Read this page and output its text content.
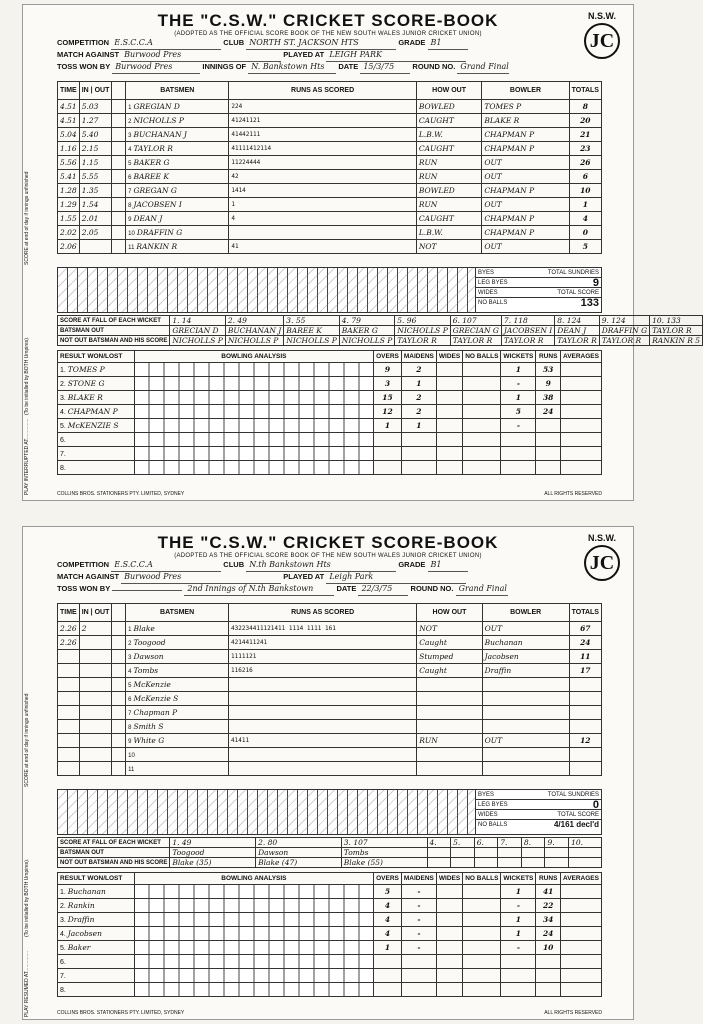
THE "C.S.W." CRICKET SCORE-BOOK
(ADOPTED AS THE OFFICIAL SCORE BOOK OF THE NEW SOUTH WALES JUNIOR CRICKET UNION)
N.S.W.
JC
SCORE at end of day if innings unfinished
(To be initialled by BOTH Umpires).
PLAY INTERRUPTED AT...............
COMPETITION E.S.C.C.A	CLUB NORTH ST. JACKSON HTS	GRADE B1
MATCH AGAINST Burwood Pres	PLAYED AT LEIGH PARK
TOSS WON BY Burwood Pres	INNINGS OF N. Bankstown Hts DATE 15/3/75 ROUND NO. Grand Final
TIME	IN | OUT		BATSMEN	RUNS AS SCORED	HOW OUT	BOWLER	TOTALS
4.51	5.03		1 GREGIAN D	224	BOWLED	TOMES P	8
4.51	1.27		2 NICHOLLS P	41241121	CAUGHT	BLAKE R	20
5.04	5.40		3 BUCHANAN J	41442111	L.B.W.	CHAPMAN P	21
1.16	2.15		4 TAYLOR R	41111412114	CAUGHT	CHAPMAN P	23
5.56	1.15		5 BAKER G	11224444	RUN	OUT	26
5.41	5.55		6 BAREE K	42	RUN	OUT	6
1.28	1.35		7 GREGAN G	1414	BOWLED	CHAPMAN P	10
1.29	1.54		8 JACOBSEN I	1	RUN	OUT	1
1.55	2.01		9 DEAN J	4	CAUGHT	CHAPMAN P	4
2.02	2.05		10 DRAFFIN G		L.B.W.	CHAPMAN P	0
2.06			11 RANKIN R	41	NOT	OUT	5
BYES	TOTAL SUNDRIES
LEG BYES	9
WIDES	TOTAL SCORE
NO BALLS	133
SCORE AT FALL OF EACH WICKET	1. 14	2. 49	3. 55	4. 79	5. 96	6. 107	7. 118	8. 124	9. 124	10. 133
BATSMAN OUT	GRECIAN D	BUCHANAN J	BAREE K	BAKER G	NICHOLLS P	GRECIAN G	JACOBSEN I	DEAN J	DRAFFIN G	TAYLOR R
NOT OUT BATSMAN AND HIS SCORE	NICHOLLS P	NICHOLLS P	NICHOLLS P	NICHOLLS P	TAYLOR R	TAYLOR R	TAYLOR R	TAYLOR R	TAYLOR R	RANKIN R 5
RESULT WON/LOST	BOWLING ANALYSIS	OVERS	MAIDENS	WIDES	NO BALLS	WICKETS	RUNS	AVERAGES
1. TOMES P		9	2			1	53	
2. STONE G		3	1			-	9	
3. BLAKE R		15	2			1	38	
4. CHAPMAN P		12	2			5	24	
5. McKENZIE S		1	1			-		
6.								
7.								
8.								
COLLINS BROS. STATIONERS PTY. LIMITED, SYDNEY	ALL RIGHTS RESERVED
THE "C.S.W." CRICKET SCORE-BOOK
(ADOPTED AS THE OFFICIAL SCORE BOOK OF THE NEW SOUTH WALES JUNIOR CRICKET UNION)
N.S.W.
JC
SCORE at end of day if innings unfinished
(To be initialled by BOTH Umpires).
PLAY RESUMED AT...............
COMPETITION E.S.C.C.A	CLUB N.th Bankstown Hts	GRADE B1
MATCH AGAINST Burwood Pres	PLAYED AT Leigh Park
TOSS WON BY	2nd Innings of N.th Bankstown	DATE 22/3/75 ROUND NO. Grand Final
TIME	IN | OUT		BATSMEN	RUNS AS SCORED	HOW OUT	BOWLER	TOTALS
2.26	2		1 Blake	432234411121411 1114 1111 161	NOT	OUT	67
2.26			2 Toogood	4214411241	Caught	Buchanan	24
			3 Dawson	1111121	Stumped	Jacobsen	11
			4 Tombs	116216	Caught	Draffin	17
			5 McKenzie				
			6 McKenzie S				
			7 Chapman P				
			8 Smith S				
			9 White G	41411	RUN	OUT	12
			10				
			11				
BYES	TOTAL SUNDRIES
LEG BYES	0
WIDES	TOTAL SCORE
NO BALLS	4/161 decl'd
SCORE AT FALL OF EACH WICKET	1. 49	2. 80	3. 107	4.	5.	6.	7.	8.	9.	10.
BATSMAN OUT	Toogood	Dawson	Tombs							
NOT OUT BATSMAN AND HIS SCORE	Blake (35)	Blake (47)	Blake (55)							
RESULT WON/LOST	BOWLING ANALYSIS	OVERS	MAIDENS	WIDES	NO BALLS	WICKETS	RUNS	AVERAGES
1. Buchanan		5	-			1	41	
2. Rankin		4	-			-	22	
3. Draffin		4	-			1	34	
4. Jacobsen		4	-			1	24	
5. Baker		1	-			-	10	
6.								
7.								
8.								
COLLINS BROS. STATIONERS PTY. LIMITED, SYDNEY	ALL RIGHTS RESERVED
